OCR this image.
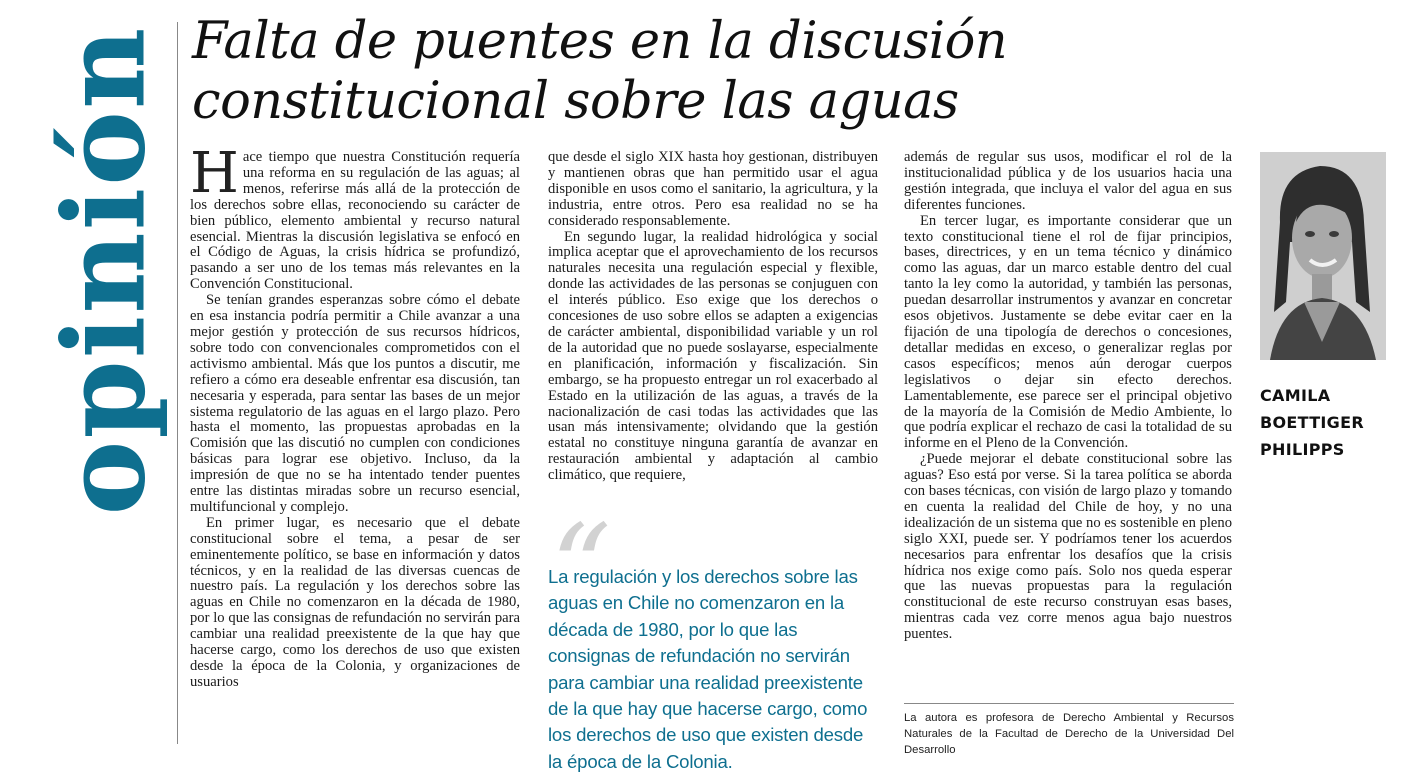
opinión Falta de puentes en la discusión constitucional sobre las aguas

Hace tiempo que nuestra Constitución requería una reforma en su regulación de las aguas; al menos, referirse más allá de la protección de los derechos sobre ellas, reconociendo su carácter de bien público, elemento ambiental y recurso natural esencial. Mientras la discusión legislativa se enfocó en el Código de Aguas, la crisis hídrica se profundizó, pasando a ser uno de los temas más relevantes en la Convención Constitucional.

Se tenían grandes esperanzas sobre cómo el debate en esa instancia podría permitir a Chile avanzar a una mejor gestión y protección de sus recursos hídricos, sobre todo con convencionales comprometidos con el activismo ambiental. Más que los puntos a discutir, me refiero a cómo era deseable enfrentar esa discusión, tan necesaria y esperada, para sentar las bases de un mejor sistema regulatorio de las aguas en el largo plazo. Pero hasta el momento, las propuestas aprobadas en la Comisión que las discutió no cumplen con condiciones básicas para lograr ese objetivo. Incluso, da la impresión de que no se ha intentado tender puentes entre las distintas miradas sobre un recurso esencial, multifuncional y complejo.

En primer lugar, es necesario que el debate constitucional sobre el tema, a pesar de ser eminentemente político, se base en información y datos técnicos, y en la realidad de las diversas cuencas de nuestro país. La regulación y los derechos sobre las aguas en Chile no comenzaron en la década de 1980, por lo que las consignas de refundación no servirán para cambiar una realidad preexistente de la que hay que hacerse cargo, como los derechos de uso que existen desde la época de la Colonia, y organizaciones de usuarios

que desde el siglo XIX hasta hoy gestionan, distribuyen y mantienen obras que han permitido usar el agua disponible en usos como el sanitario, la agricultura, y la industria, entre otros. Pero esa realidad no se ha considerado responsablemente.

En segundo lugar, la realidad hidrológica y social implica aceptar que el aprovechamiento de los recursos naturales necesita una regulación especial y flexible, donde las actividades de las personas se conjuguen con el interés público. Eso exige que los derechos o concesiones de uso sobre ellos se adapten a exigencias de carácter ambiental, disponibilidad variable y un rol de la autoridad que no puede soslayarse, especialmente en planificación, información y fiscalización. Sin embargo, se ha propuesto entregar un rol exacerbado al Estado en la utilización de las aguas, a través de la nacionalización de casi todas las actividades que las usan más intensivamente; olvidando que la gestión estatal no constituye ninguna garantía de avanzar en restauración ambiental y adaptación al cambio climático, que requiere,

“

La regulación y los derechos sobre las aguas en Chile no comenzaron en la década de 1980, por lo que las consignas de refundación no servirán para cambiar una realidad preexistente de la que hay que hacerse cargo, como los derechos de uso que existen desde la época de la Colonia.

además de regular sus usos, modificar el rol de la institucionalidad pública y de los usuarios hacia una gestión integrada, que incluya el valor del agua en sus diferentes funciones.

En tercer lugar, es importante considerar que un texto constitucional tiene el rol de fijar principios, bases, directrices, y en un tema técnico y dinámico como las aguas, dar un marco estable dentro del cual tanto la ley como la autoridad, y también las personas, puedan desarrollar instrumentos y avanzar en concretar esos objetivos. Justamente se debe evitar caer en la fijación de una tipología de derechos o concesiones, detallar medidas en exceso, o generalizar reglas por casos específicos; menos aún derogar cuerpos legislativos o dejar sin efecto derechos. Lamentablemente, ese parece ser el principal objetivo de la mayoría de la Comisión de Medio Ambiente, lo que podría explicar el rechazo de casi la totalidad de su informe en el Pleno de la Convención.

¿Puede mejorar el debate constitucional sobre las aguas? Eso está por verse. Si la tarea política se aborda con bases técnicas, con visión de largo plazo y tomando en cuenta la realidad del Chile de hoy, y no una idealización de un sistema que no es sostenible en pleno siglo XXI, puede ser. Y podríamos tener los acuerdos necesarios para enfrentar los desafíos que la crisis hídrica nos exige como país. Solo nos queda esperar que las nuevas propuestas para la regulación constitucional de este recurso construyan esas bases, mientras cada vez corre menos agua bajo nuestros puentes.

CAMILA
BOETTIGER
PHILIPPS

La autora es profesora de Derecho Ambiental y Recursos Naturales de la Facultad de Derecho de la Universidad Del Desarrollo
